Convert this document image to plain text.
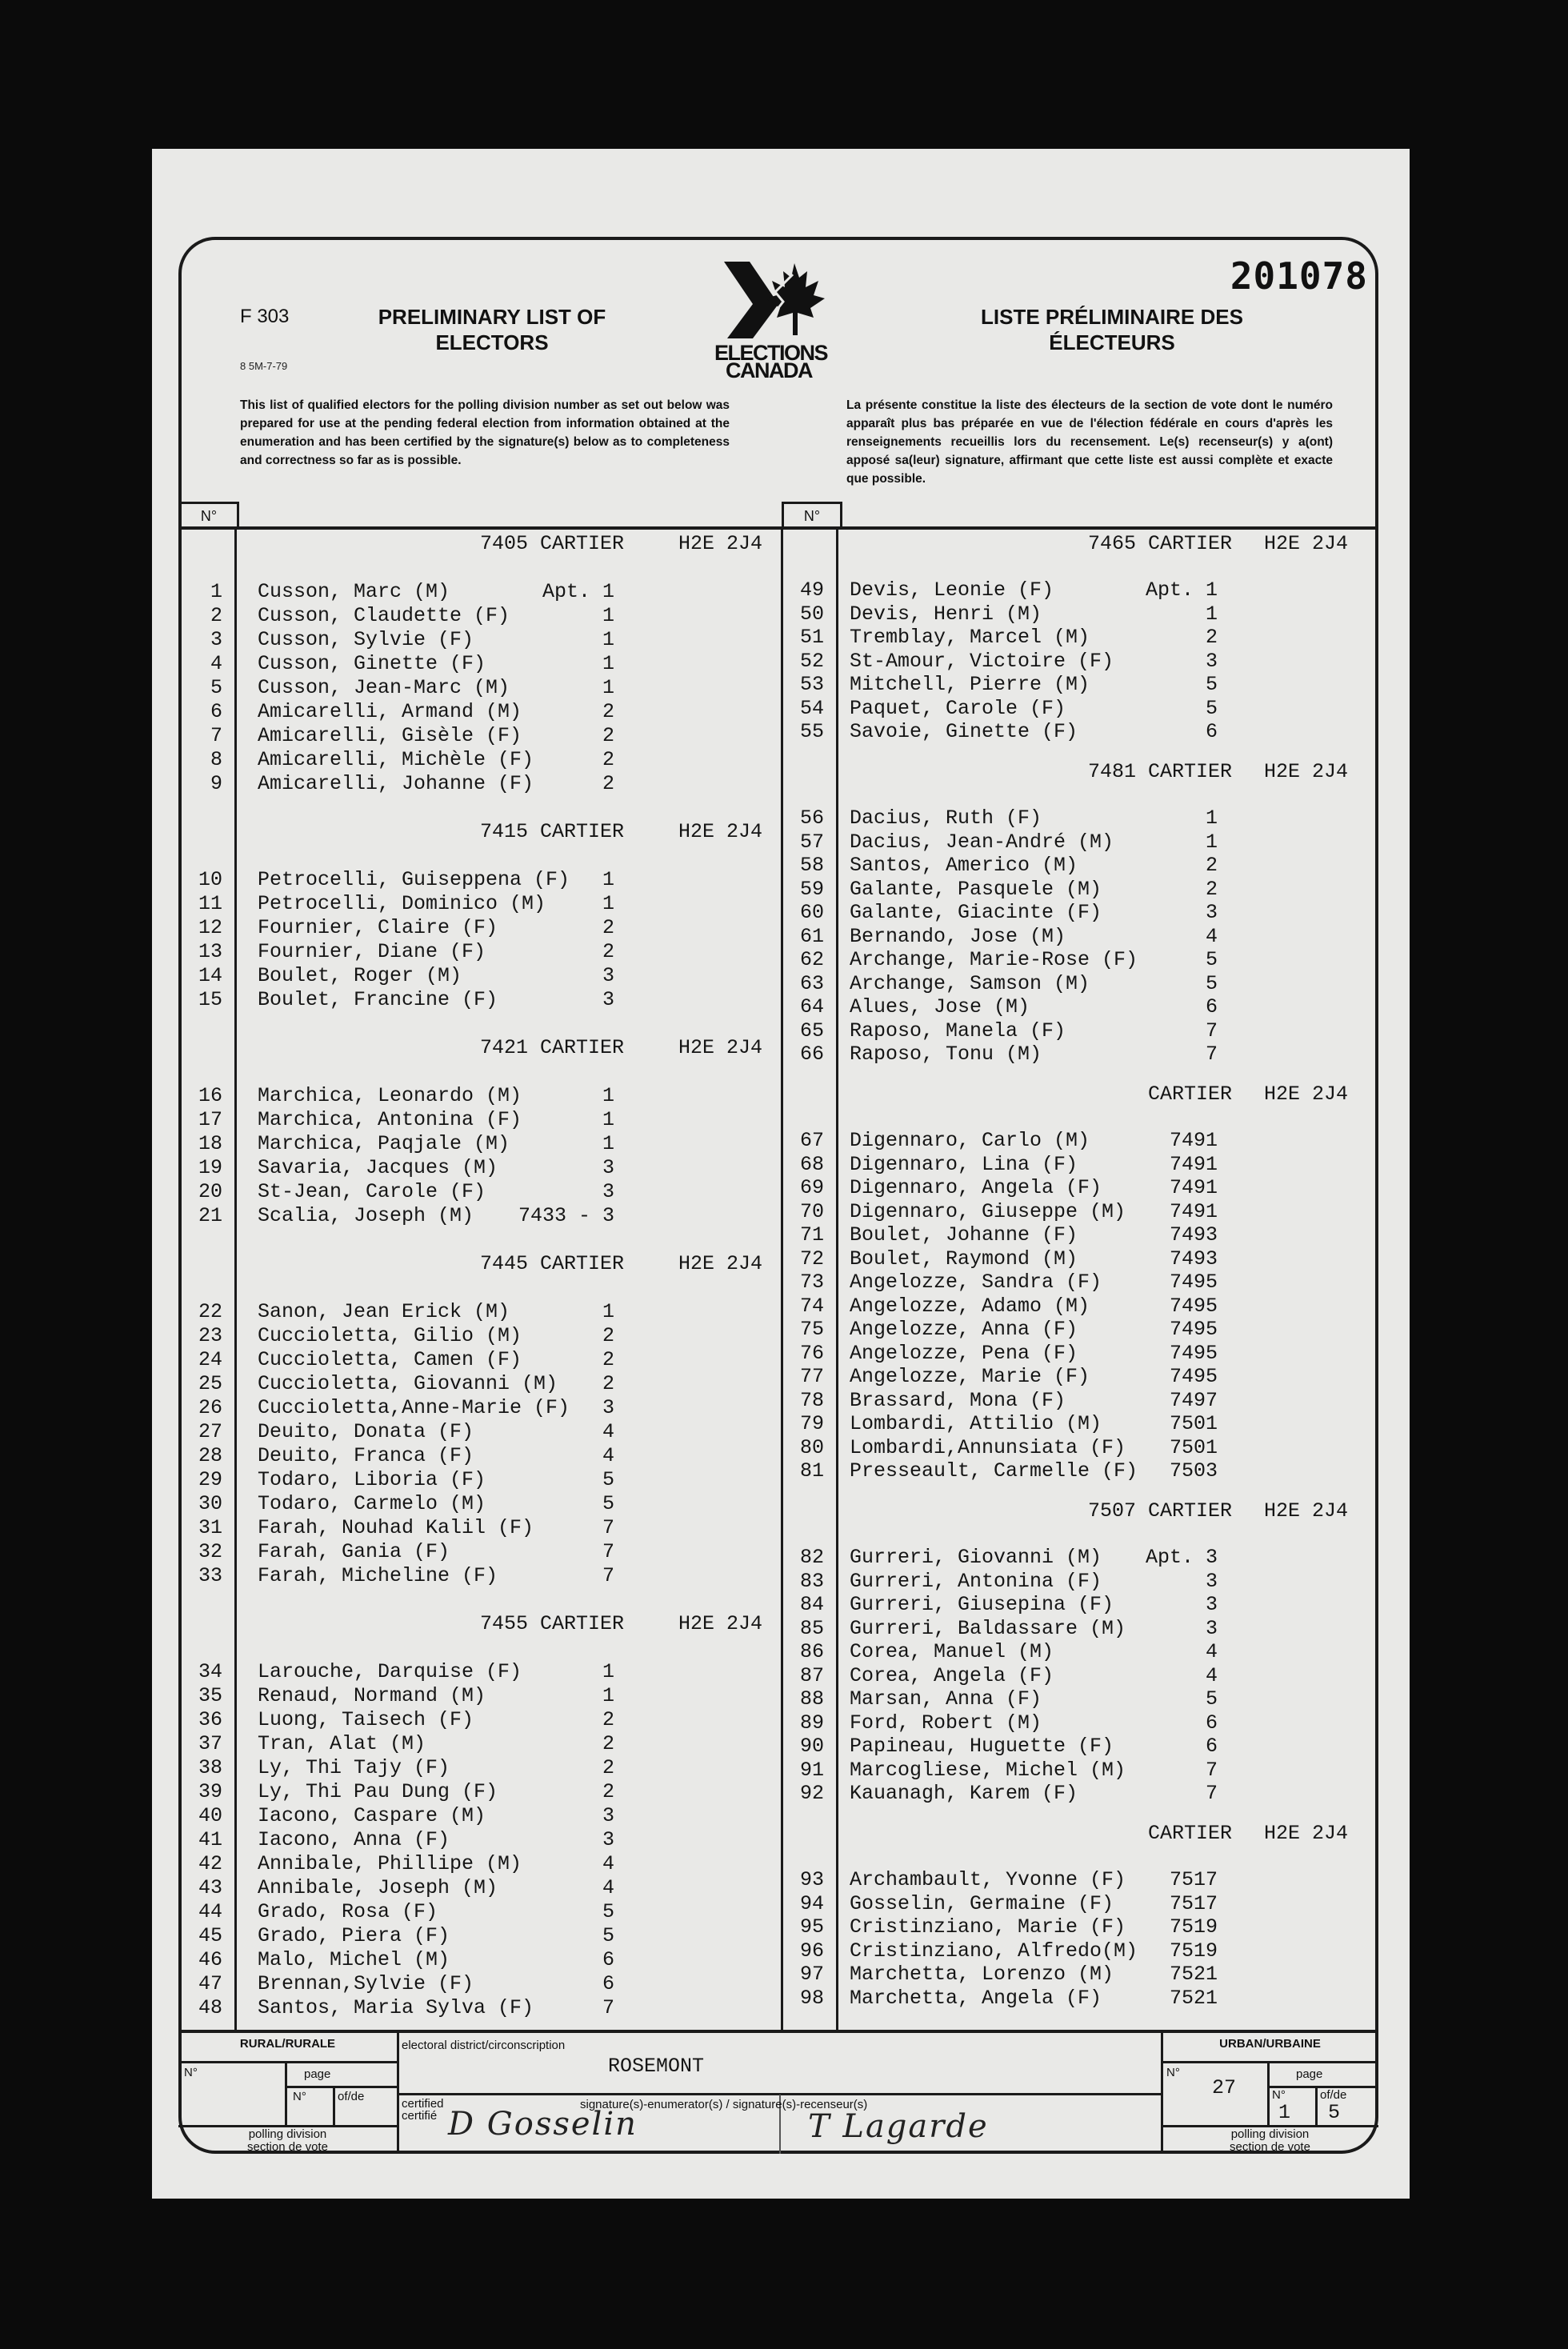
201078
F 303
8 5M-7-79
PRELIMINARY LIST OF
ELECTORS
LISTE PRÉLIMINAIRE DES
ÉLECTEURS
ELECTIONS
CANADA
This list of qualified electors for the polling division number as set out below was prepared for use at the pending federal election from information obtained at the enumeration and has been certified by the signature(s) below as to completeness and correctness so far as is possible.
La présente constitue la liste des électeurs de la section de vote dont le numéro apparaît plus bas préparée en vue de l'élection fédérale en cours d'après les renseignements recueillis lors du recensement. Le(s) recenseur(s) y a(ont) apposé sa(leur) signature, affirmant que cette liste est aussi complète et exacte que possible.
N°	N°
7405 CARTIER	H2E 2J4
1 Cusson, Marc (M)	Apt. 1
2 Cusson, Claudette (F)	1
3 Cusson, Sylvie (F)	1
4 Cusson, Ginette (F)	1
5 Cusson, Jean-Marc (M)	1
6 Amicarelli, Armand (M)	2
7 Amicarelli, Gisèle (F)	2
8 Amicarelli, Michèle (F)	2
9 Amicarelli, Johanne (F)	2
7415 CARTIER	H2E 2J4
10 Petrocelli, Guiseppena (F) 1
11 Petrocelli, Dominico (M)	1
12 Fournier, Claire (F)	2
13 Fournier, Diane (F)	2
14 Boulet, Roger (M)	3
15 Boulet, Francine (F)	3
7421 CARTIER	H2E 2J4
16 Marchica, Leonardo (M)	1
17 Marchica, Antonina (F)	1
18 Marchica, Paqjale (M)	1
19 Savaria, Jacques (M)	3
20 St-Jean, Carole (F)	3
21 Scalia, Joseph (M) 7433 - 3
7445 CARTIER	H2E 2J4
22 Sanon, Jean Erick (M)	1
23 Cuccioletta, Gilio (M)	2
24 Cuccioletta, Camen (F)	2
25 Cuccioletta, Giovanni (M) 2
26 Cuccioletta,Anne-Marie (F) 3
27 Deuito, Donata (F)	4
28 Deuito, Franca (F)	4
29 Todaro, Liboria (F)	5
30 Todaro, Carmelo (M)	5
31 Farah, Nouhad Kalil (F)	7
32 Farah, Gania (F)	7
33 Farah, Micheline (F)	7
7455 CARTIER	H2E 2J4
34 Larouche, Darquise (F)	1
35 Renaud, Normand (M)	1
36 Luong, Taisech (F)	2
37 Tran, Alat (M)	2
38 Ly, Thi Tajy (F)	2
39 Ly, Thi Pau Dung (F)	2
40 Iacono, Caspare (M)	3
41 Iacono, Anna (F)	3
42 Annibale, Phillipe (M)	4
43 Annibale, Joseph (M)	4
44 Grado, Rosa (F)	5
45 Grado, Piera (F)	5
46 Malo, Michel (M)	6
47 Brennan,Sylvie (F)	6
48 Santos, Maria Sylva (F)	7
7465 CARTIER H2E 2J4
49 Devis, Leonie (F)	Apt. 1
50 Devis, Henri (M)	1
51 Tremblay, Marcel (M)	2
52 St-Amour, Victoire (F)	3
53 Mitchell, Pierre (M)	5
54 Paquet, Carole (F)	5
55 Savoie, Ginette (F)	6
7481 CARTIER H2E 2J4
56 Dacius, Ruth (F)	1
57 Dacius, Jean-André (M)	1
58 Santos, Americo (M)	2
59 Galante, Pasquele (M)	2
60 Galante, Giacinte (F)	3
61 Bernando, Jose (M)	4
62 Archange, Marie-Rose (F)	5
63 Archange, Samson (M)	5
64 Alues, Jose (M)	6
65 Raposo, Manela (F)	7
66 Raposo, Tonu (M)	7
CARTIER H2E 2J4
67 Digennaro, Carlo (M)	7491
68 Digennaro, Lina (F)	7491
69 Digennaro, Angela (F)	7491
70 Digennaro, Giuseppe (M) 7491
71 Boulet, Johanne (F)	7493
72 Boulet, Raymond (M)	7493
73 Angelozze, Sandra (F)	7495
74 Angelozze, Adamo (M)	7495
75 Angelozze, Anna (F)	7495
76 Angelozze, Pena (F)	7495
77 Angelozze, Marie (F)	7495
78 Brassard, Mona (F)	7497
79 Lombardi, Attilio (M)	7501
80 Lombardi,Annunsiata (F) 7501
81 Presseault, Carmelle (F) 7503
7507 CARTIER H2E 2J4
82 Gurreri, Giovanni (M) Apt. 3
83 Gurreri, Antonina (F)	3
84 Gurreri, Giusepina (F)	3
85 Gurreri, Baldassare (M)	3
86 Corea, Manuel (M)	4
87 Corea, Angela (F)	4
88 Marsan, Anna (F)	5
89 Ford, Robert (M)	6
90 Papineau, Huguette (F)	6
91 Marcogliese, Michel (M)	7
92 Kauanagh, Karem (F)	7
CARTIER H2E 2J4
93 Archambault, Yvonne (F) 7517
94 Gosselin, Germaine (F)	7517
95 Cristinziano, Marie (F) 7519
96 Cristinziano, Alfredo(M) 7519
97 Marchetta, Lorenzo (M)	7521
98 Marchetta, Angela (F)	7521
RURAL/RURALE
N°	page
N°	of/de
polling division
section de vote
electoral district/circonscription
ROSEMONT
certified
certifié
signature(s)-enumerator(s) / signature(s)-recenseur(s)
D Gosselin	T Lagarde
URBAN/URBAINE
N°
27
page
N°	of/de
1 5
polling division
section de vote
